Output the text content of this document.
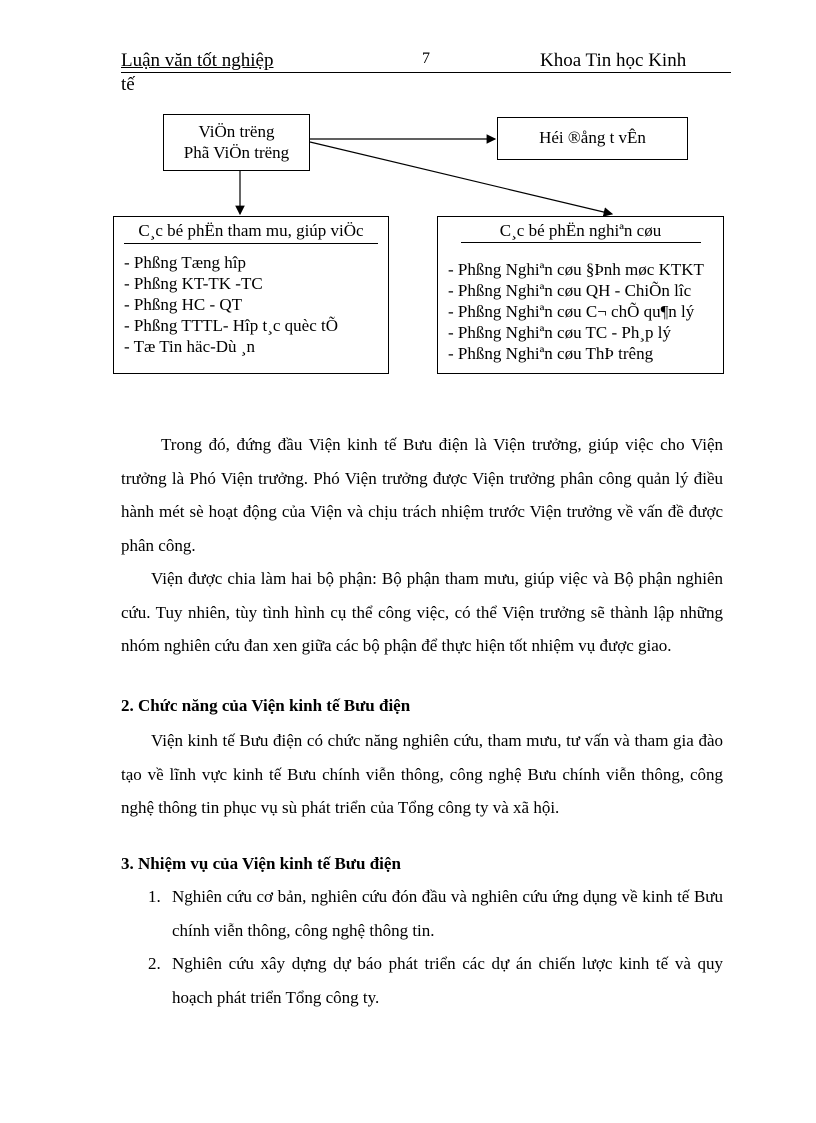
Luận văn tốt nghiệp	7	Khoa Tin học Kinh
tế
ViÖn trëng
Phã ViÖn trëng
Héi ®ång t vÊn
C¸c bé phËn tham mu, giúp viÖc
- Phßng Tæng hîp
- Phßng KT-TK -TC
- Phßng HC - QT
- Phßng TTTL- Hîp t¸c quèc tÕ
- Tæ Tin häc-Dù ¸n
C¸c bé phËn nghiªn cøu
- Phßng Nghiªn cøu §Þnh møc KTKT
- Phßng Nghiªn cøu QH - ChiÕn lîc
- Phßng Nghiªn cøu C¬ chÕ qu¶n lý
- Phßng Nghiªn cøu TC - Ph¸p lý
- Phßng Nghiªn cøu ThÞ trêng
Trong đó, đứng đầu Viện kinh tế Bưu điện là Viện trưởng, giúp việc cho Viện trưởng là Phó Viện trưởng. Phó Viện trưởng được Viện trưởng phân công quản lý điều hành mét sè hoạt động của Viện và chịu trách nhiệm trước Viện trưởng về vấn đề được phân công.
Viện được chia làm hai bộ phận: Bộ phận tham mưu, giúp việc và Bộ phận nghiên cứu. Tuy nhiên, tùy tình hình cụ thể công việc, có thể Viện trưởng sẽ thành lập những nhóm nghiên cứu đan xen giữa các bộ phận để thực hiện tốt nhiệm vụ được giao.
2. Chức năng của Viện kinh tế Bưu điện
Viện kinh tế Bưu điện có chức năng nghiên cứu, tham mưu, tư vấn và tham gia đào tạo về lĩnh vực kinh tế Bưu chính viễn thông, công nghệ Bưu chính viễn thông, công nghệ thông tin phục vụ sù phát triển của Tổng công ty và xã hội.
3. Nhiệm vụ của Viện kinh tế Bưu điện
1. Nghiên cứu cơ bản, nghiên cứu đón đầu và nghiên cứu ứng dụng về kinh tế Bưu chính viễn thông, công nghệ thông tin.
2. Nghiên cứu xây dựng dự báo phát triển các dự án chiến lược kinh tế và quy hoạch phát triển Tổng công ty.
